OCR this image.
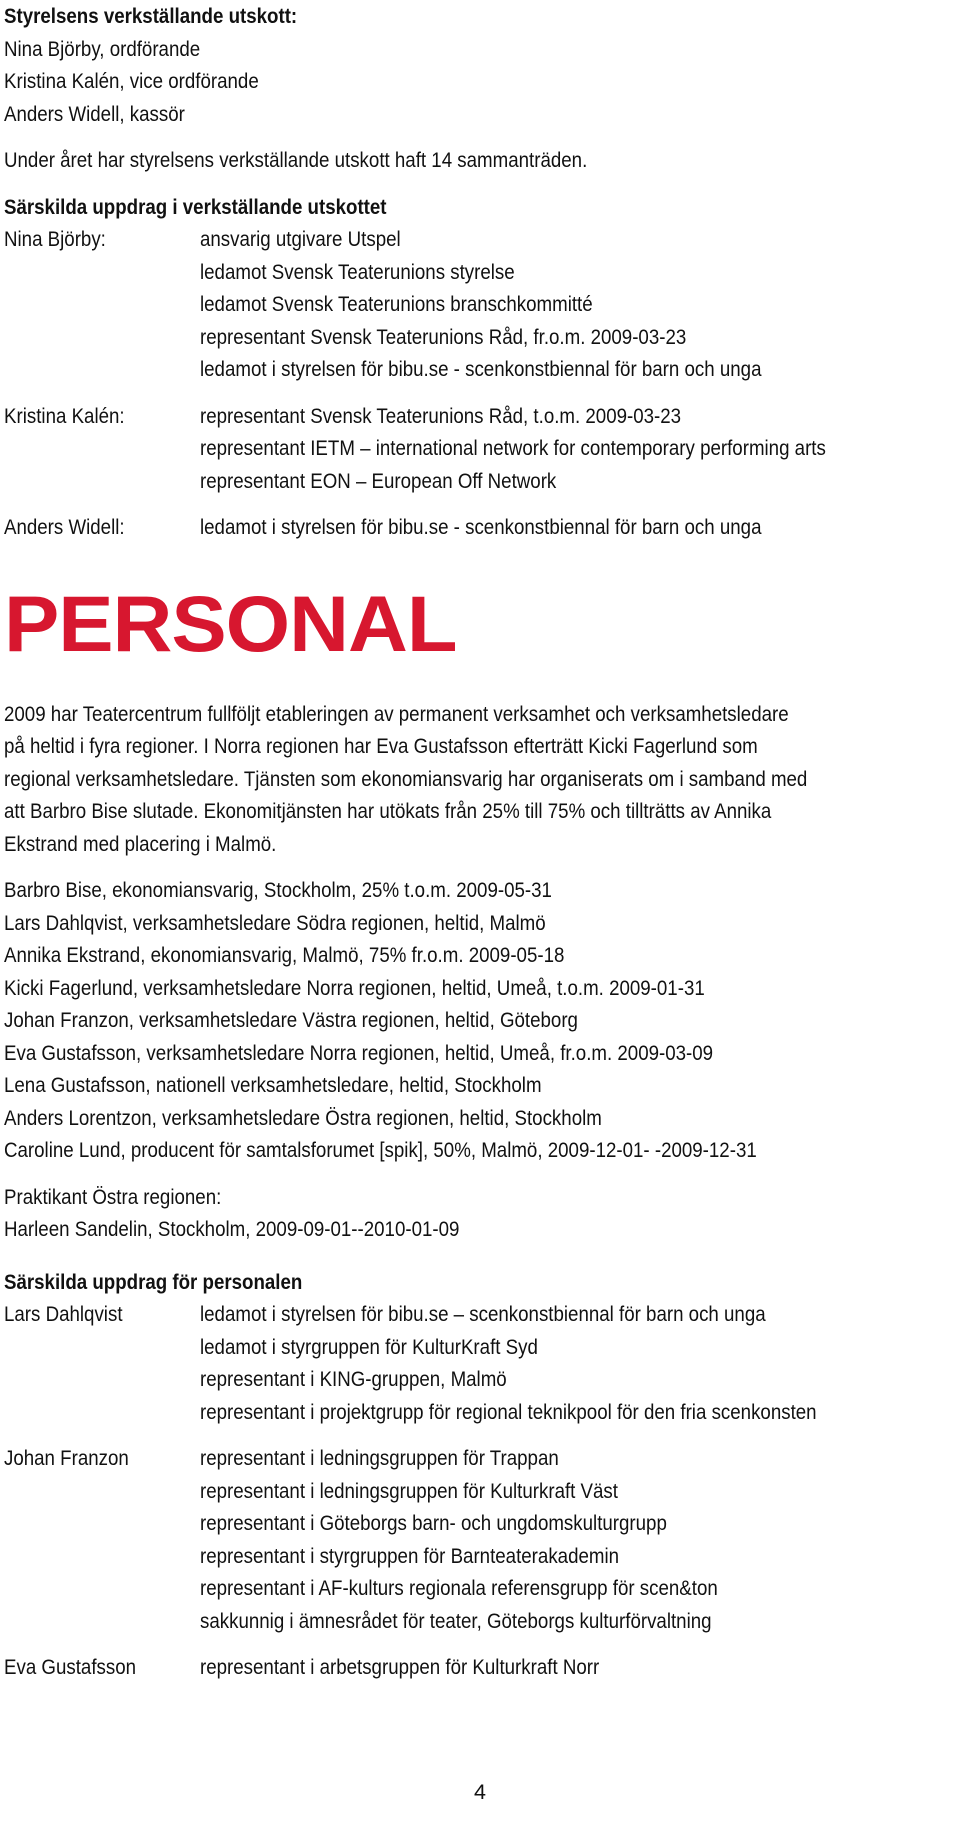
Styrelsens verkställande utskott:
Nina Björby, ordförande
Kristina Kalén, vice ordförande
Anders Widell, kassör
Under året har styrelsens verkställande utskott haft 14 sammanträden.
Särskilda uppdrag i verkställande utskottet
Nina Björby:	ansvarig utgivare Utspel
ledamot Svensk Teaterunions styrelse
ledamot Svensk Teaterunions branschkommitté
representant Svensk Teaterunions Råd, fr.o.m. 2009-03-23
ledamot i styrelsen för bibu.se - scenkonstbiennal för barn och unga
Kristina Kalén:	representant Svensk Teaterunions Råd, t.o.m. 2009-03-23
representant IETM – international network for contemporary performing arts
representant EON – European Off Network
Anders Widell:	ledamot i styrelsen för bibu.se - scenkonstbiennal för barn och unga
PERSONAL
2009 har Teatercentrum fullföljt etableringen av permanent verksamhet och verksamhetsledare
på heltid i fyra regioner. I Norra regionen har Eva Gustafsson efterträtt Kicki Fagerlund som
regional verksamhetsledare. Tjänsten som ekonomiansvarig har organiserats om i samband med
att Barbro Bise slutade. Ekonomitjänsten har utökats från 25% till 75% och tillträtts av Annika
Ekstrand med placering i Malmö.
Barbro Bise, ekonomiansvarig, Stockholm, 25% t.o.m. 2009-05-31
Lars Dahlqvist, verksamhetsledare Södra regionen, heltid, Malmö
Annika Ekstrand, ekonomiansvarig, Malmö, 75% fr.o.m. 2009-05-18
Kicki Fagerlund, verksamhetsledare Norra regionen, heltid, Umeå, t.o.m. 2009-01-31
Johan Franzon, verksamhetsledare Västra regionen, heltid, Göteborg
Eva Gustafsson, verksamhetsledare Norra regionen, heltid, Umeå, fr.o.m. 2009-03-09
Lena Gustafsson, nationell verksamhetsledare, heltid, Stockholm
Anders Lorentzon, verksamhetsledare Östra regionen, heltid, Stockholm
Caroline Lund, producent för samtalsforumet [spik], 50%, Malmö, 2009-12-01- -2009-12-31
Praktikant Östra regionen:
Harleen Sandelin, Stockholm, 2009-09-01--2010-01-09
Särskilda uppdrag för personalen
Lars Dahlqvist	ledamot i styrelsen för bibu.se – scenkonstbiennal för barn och unga
ledamot i styrgruppen för KulturKraft Syd
representant i KING-gruppen, Malmö
representant i projektgrupp för regional teknikpool för den fria scenkonsten
Johan Franzon	representant i ledningsgruppen för Trappan
representant i ledningsgruppen för Kulturkraft Väst
representant i Göteborgs barn- och ungdomskulturgrupp
representant i styrgruppen för Barnteaterakademin
representant i AF-kulturs regionala referensgrupp för scen&ton
sakkunnig i ämnesrådet för teater, Göteborgs kulturförvaltning
Eva Gustafsson	representant i arbetsgruppen för Kulturkraft Norr
4
